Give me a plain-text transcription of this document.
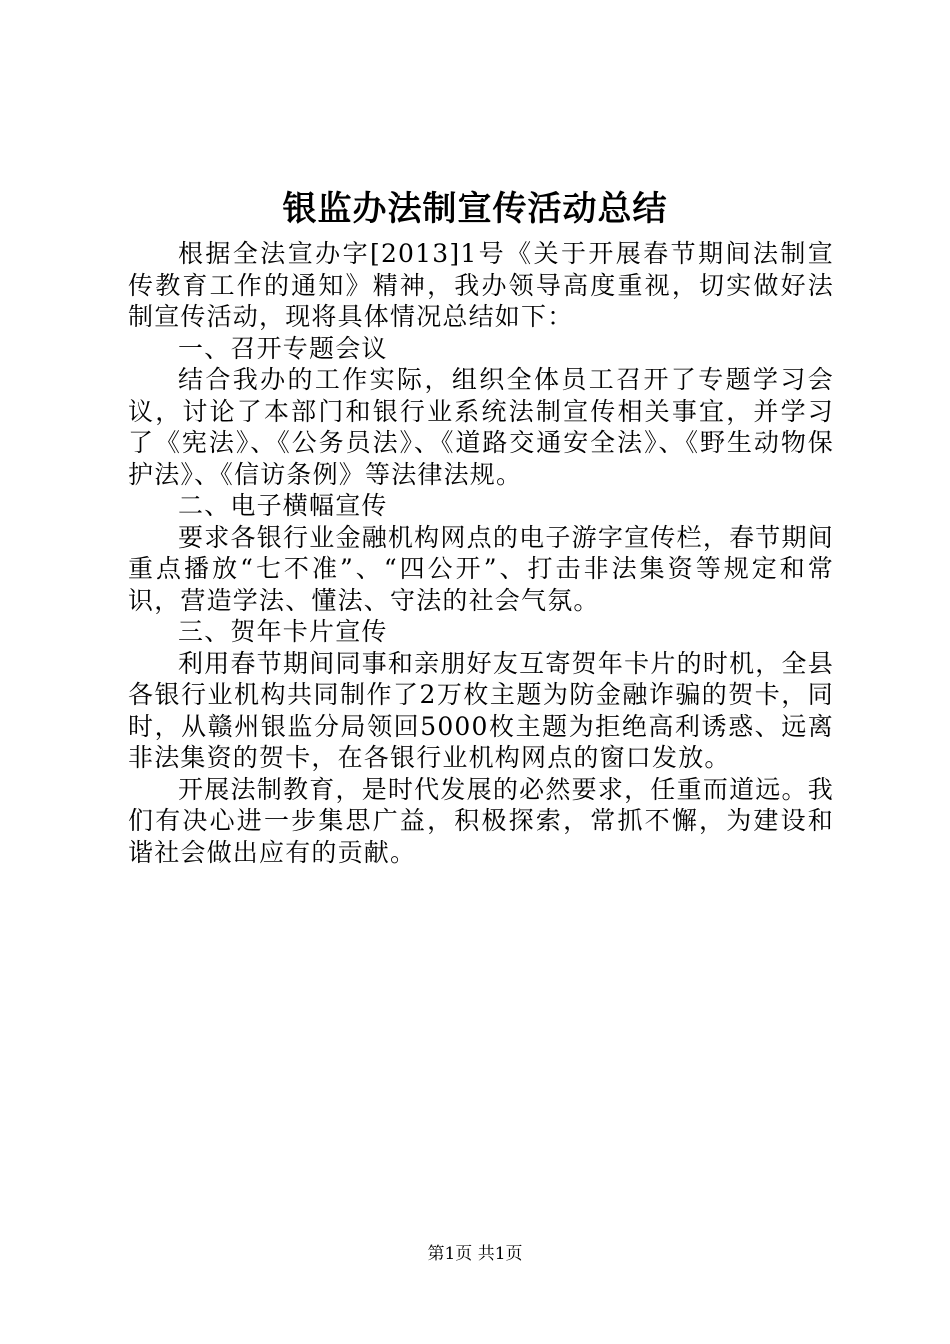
银监办法制宣传活动总结

根据全法宣办字[2013]1号《关于开展春节期间法制宣传教育工作的通知》精神，我办领导高度重视，切实做好法制宣传活动，现将具体情况总结如下：

一、召开专题会议

结合我办的工作实际，组织全体员工召开了专题学习会议，讨论了本部门和银行业系统法制宣传相关事宜，并学习了《宪法》、《公务员法》、《道路交通安全法》、《野生动物保护法》、《信访条例》等法律法规。

二、电子横幅宣传

要求各银行业金融机构网点的电子游字宣传栏，春节期间重点播放“七不准”、“四公开”、打击非法集资等规定和常识，营造学法、懂法、守法的社会气氛。

三、贺年卡片宣传

利用春节期间同事和亲朋好友互寄贺年卡片的时机，全县各银行业机构共同制作了2万枚主题为防金融诈骗的贺卡，同时，从赣州银监分局领回5000枚主题为拒绝高利诱惑、远离非法集资的贺卡，在各银行业机构网点的窗口发放。

开展法制教育，是时代发展的必然要求，任重而道远。我们有决心进一步集思广益，积极探索，常抓不懈，为建设和谐社会做出应有的贡献。

第1页 共1页
